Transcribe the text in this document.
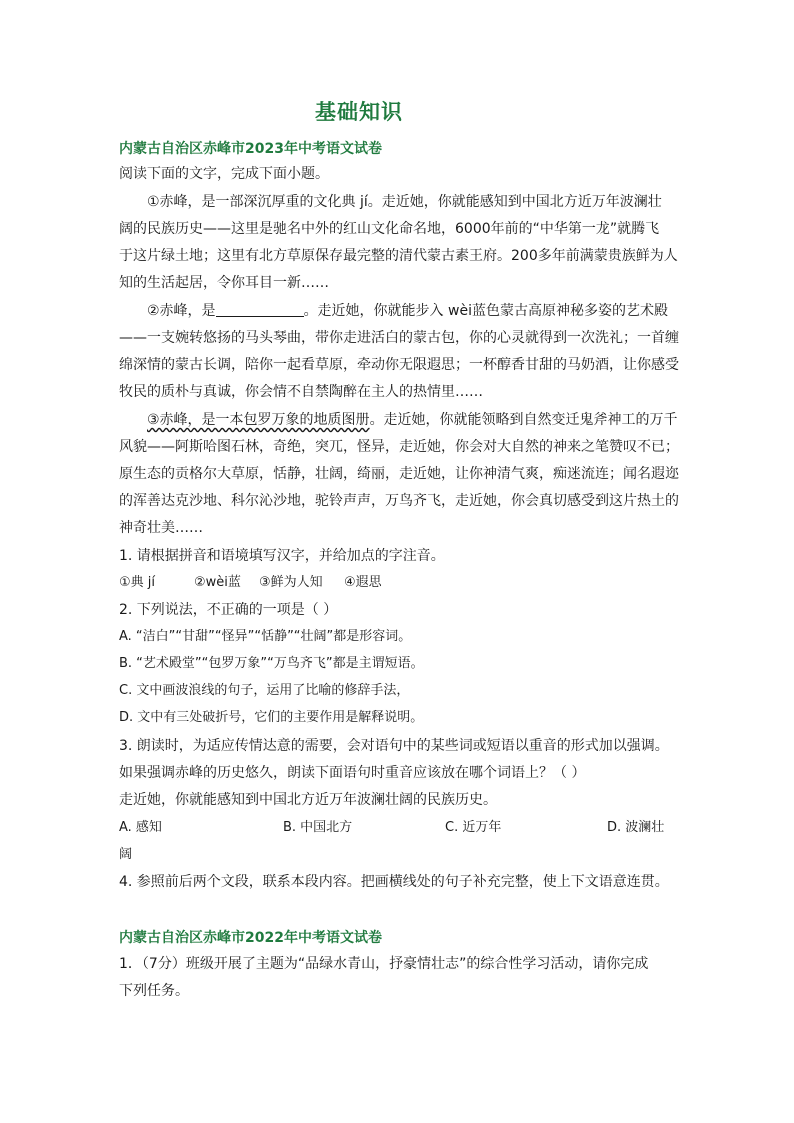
基础知识
内蒙古自治区赤峰市2023年中考语文试卷
阅读下面的文字，完成下面小题。
①赤峰，是一部深沉厚重的文化典 jí。走近她，你就能感知到中国北方近万年波澜壮
阔的民族历史——这里是驰名中外的红山文化命名地，6000年前的“中华第一龙”就腾飞
于这片绿土地；这里有北方草原保存最完整的清代蒙古素王府。200多年前满蒙贵族鲜为人
知的生活起居，令你耳目一新……
②赤峰，是	。走近她，你就能步入 wèi蓝色蒙古高原神秘多姿的艺术殿
——一支婉转悠扬的马头琴曲，带你走进活白的蒙古包，你的心灵就得到一次洗礼；一首缠
绵深情的蒙古长调，陪你一起看草原，牵动你无限遐思；一杯醇香甘甜的马奶酒，让你感受
牧民的质朴与真诚，你会情不自禁陶醉在主人的热情里……
③赤峰，是一本包罗万象的地质图册。走近她，你就能领略到自然变迁鬼斧神工的万千
风貌——阿斯哈图石林，奇绝，突兀，怪异，走近她，你会对大自然的神来之笔赞叹不已；
原生态的贡格尔大草原，恬静，壮阔，绮丽，走近她，让你神清气爽，痴迷流连；闻名遐迩
的浑善达克沙地、科尔沁沙地，驼铃声声，万鸟齐飞，走近她，你会真切感受到这片热土的
神奇壮美……
1. 请根据拼音和语境填写汉字，并给加点的字注音。
①典 jí	②wèi蓝 ③鲜为人知 ④遐思
2. 下列说法，不正确的一项是（ ）
A. “洁白”“甘甜”“怪异”“恬静”“壮阔”都是形容词。
B. “艺术殿堂”“包罗万象”“万鸟齐飞”都是主谓短语。
C. 文中画波浪线的句子，运用了比喻的修辞手法，
D. 文中有三处破折号，它们的主要作用是解释说明。
3. 朗读时，为适应传情达意的需要，会对语句中的某些词或短语以重音的形式加以强调。
如果强调赤峰的历史悠久，朗读下面语句时重音应该放在哪个词语上？（ ）
走近她，你就能感知到中国北方近万年波澜壮阔的民族历史。
A. 感知	B. 中国北方	C. 近万年	D. 波澜壮
阔
4. 参照前后两个文段，联系本段内容。把画横线处的句子补充完整，使上下文语意连贯。
内蒙古自治区赤峰市2022年中考语文试卷
1．（7分）班级开展了主题为“品绿水青山，抒豪情壮志”的综合性学习活动，请你完成
下列任务。
